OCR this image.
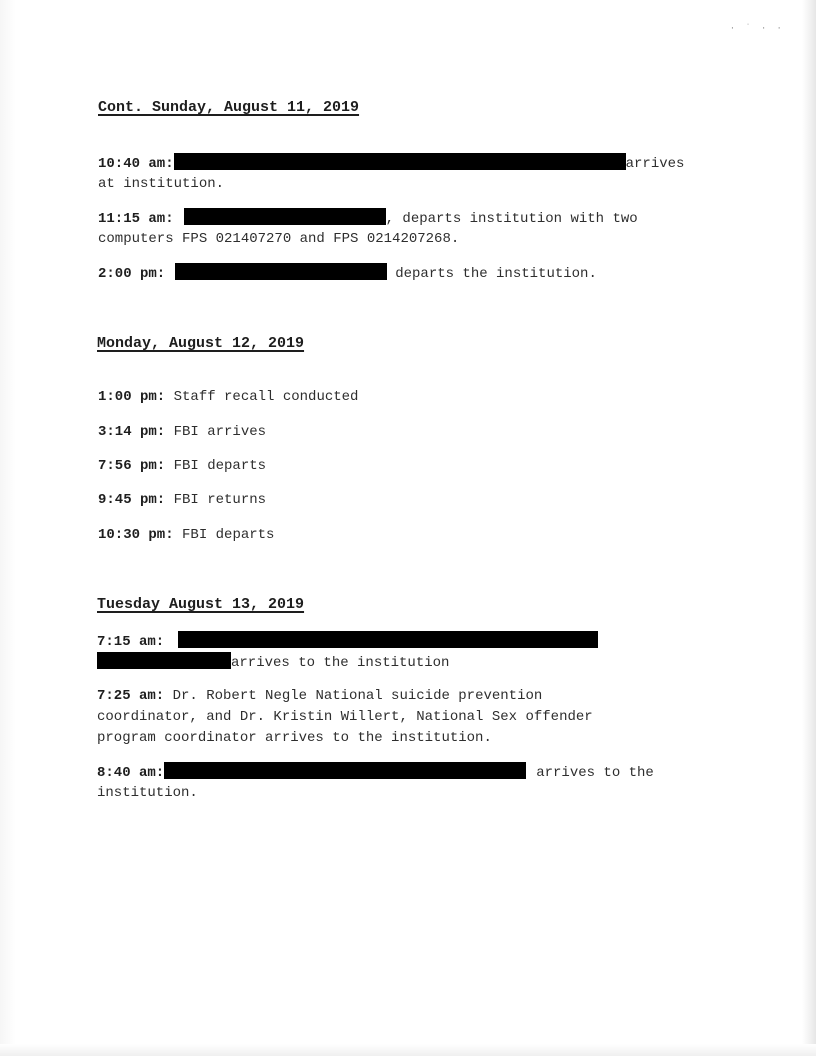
· ˙ · ·
Cont. Sunday, August 11, 2019
10:40 am:	arrives
at institution.
11:15 am:	, departs institution with two
computers FPS 021407270 and FPS 0214207268.
2:00 pm:	departs the institution.
Monday, August 12, 2019
1:00 pm: Staff recall conducted
3:14 pm: FBI arrives
7:56 pm: FBI departs
9:45 pm: FBI returns
10:30 pm: FBI departs
Tuesday August 13, 2019
7:15 am:
arrives to the institution
7:25 am: Dr. Robert Negle National suicide prevention
coordinator, and Dr. Kristin Willert, National Sex offender
program coordinator arrives to the institution.
8:40 am:	arrives to the
institution.
